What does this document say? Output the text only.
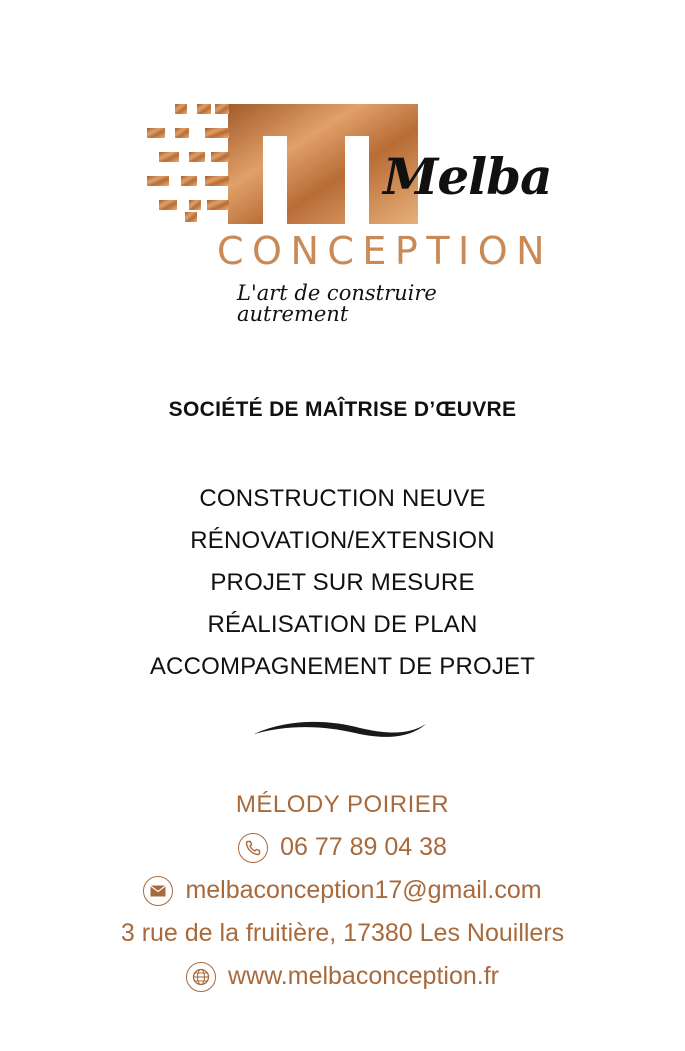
Melba
CONCEPTION
L'art de construire autrement
SOCIÉTÉ DE MAÎTRISE D’ŒUVRE
CONSTRUCTION NEUVE
RÉNOVATION/EXTENSION
PROJET SUR MESURE
RÉALISATION DE PLAN
ACCOMPAGNEMENT DE PROJET
MÉLODY POIRIER
06 77 89 04 38
melbaconception17@gmail.com
3 rue de la fruitière, 17380 Les Nouillers
www.melbaconception.fr
